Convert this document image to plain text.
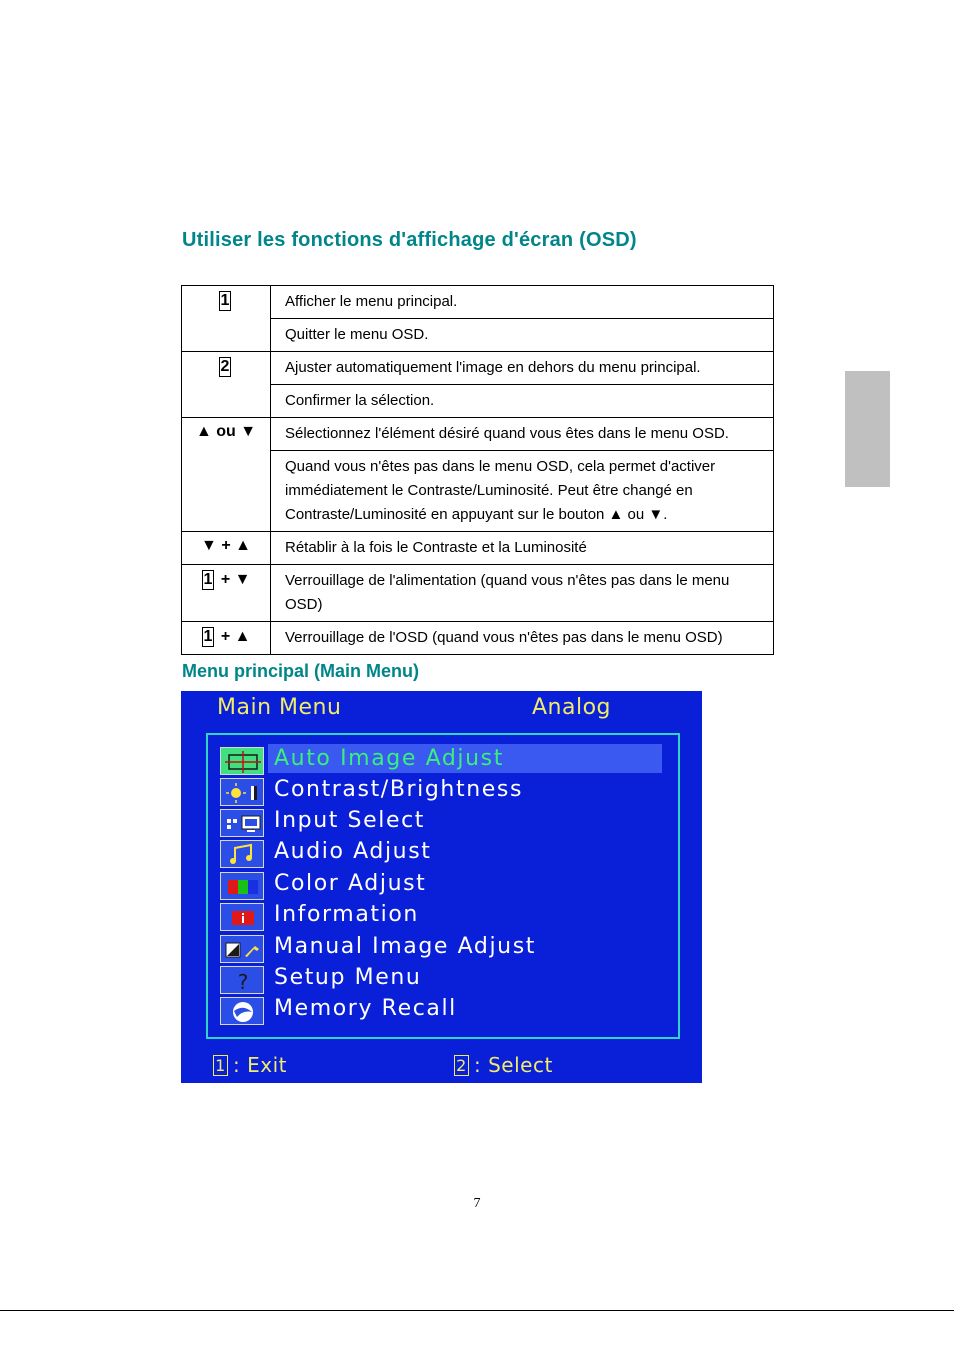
Utiliser les fonctions d'affichage d'écran (OSD)
1	Afficher le menu principal.
	Quitter le menu OSD.
2	Ajuster automatiquement l'image en dehors du menu principal.
	Confirmer la sélection.
▲ ou ▼	Sélectionnez l'élément désiré quand vous êtes dans le menu OSD.
	Quand vous n'êtes pas dans le menu OSD, cela permet d'activer immédiatement le Contraste/Luminosité. Peut être changé en Contraste/Luminosité en appuyant sur le bouton ▲ ou ▼.
▼ + ▲	Rétablir à la fois le Contraste et la Luminosité
1 + ▼	Verrouillage de l'alimentation (quand vous n'êtes pas dans le menu OSD)
1 + ▲	Verrouillage de l'OSD (quand vous n'êtes pas dans le menu OSD)
Menu principal (Main Menu)
Main Menu	Analog
Auto Image Adjust
Contrast/Brightness
Input Select
Audio Adjust
Color Adjust
Information
Manual Image Adjust
? Setup Menu
Memory Recall
1 : Exit	2 : Select
7
